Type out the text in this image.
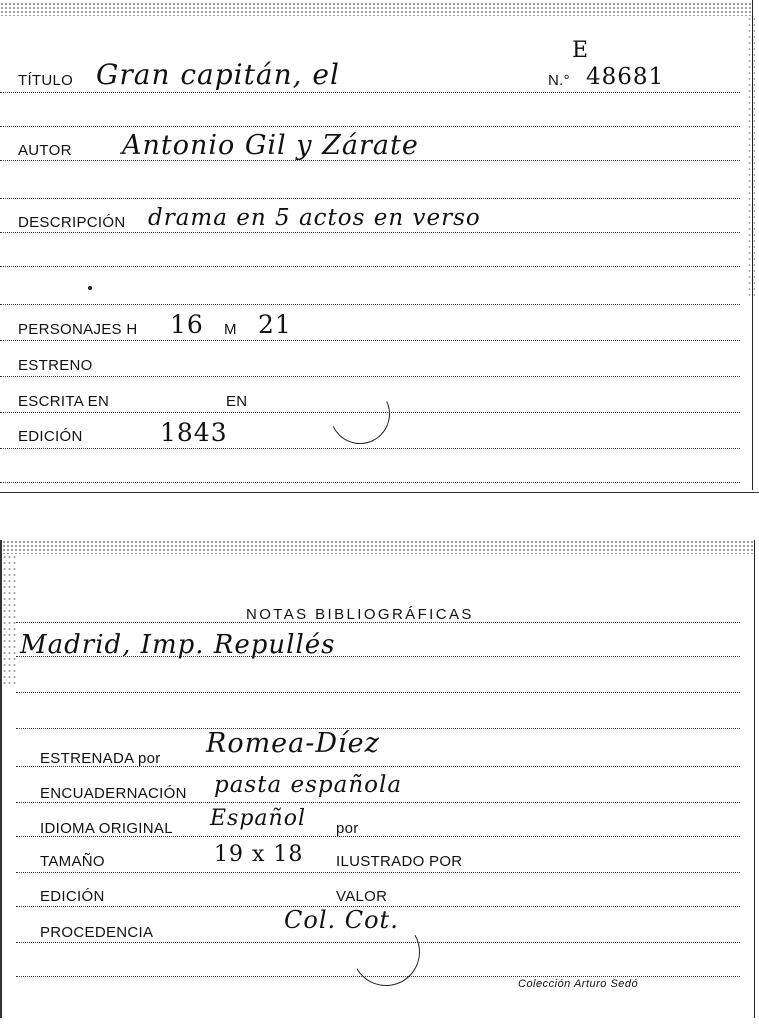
E
TÍTULO Gran capitán, el	N.° 48681
AUTOR Antonio Gil y Zárate
DESCRIPCIÓN drama en 5 actos en verso
PERSONAJES H 16 M 21
ESTRENO
ESCRITA EN	EN
EDICIÓN	1843
NOTAS BIBLIOGRÁFICAS
Madrid, Imp. Repullés
ESTRENADA por Romea-Díez
ENCUADERNACIÓN pasta española
IDIOMA ORIGINAL Español por
TAMAÑO	19 x 18 ILUSTRADO POR
EDICIÓN	VALOR
PROCEDENCIA	Col. Cot.
Colección Arturo Sedó
